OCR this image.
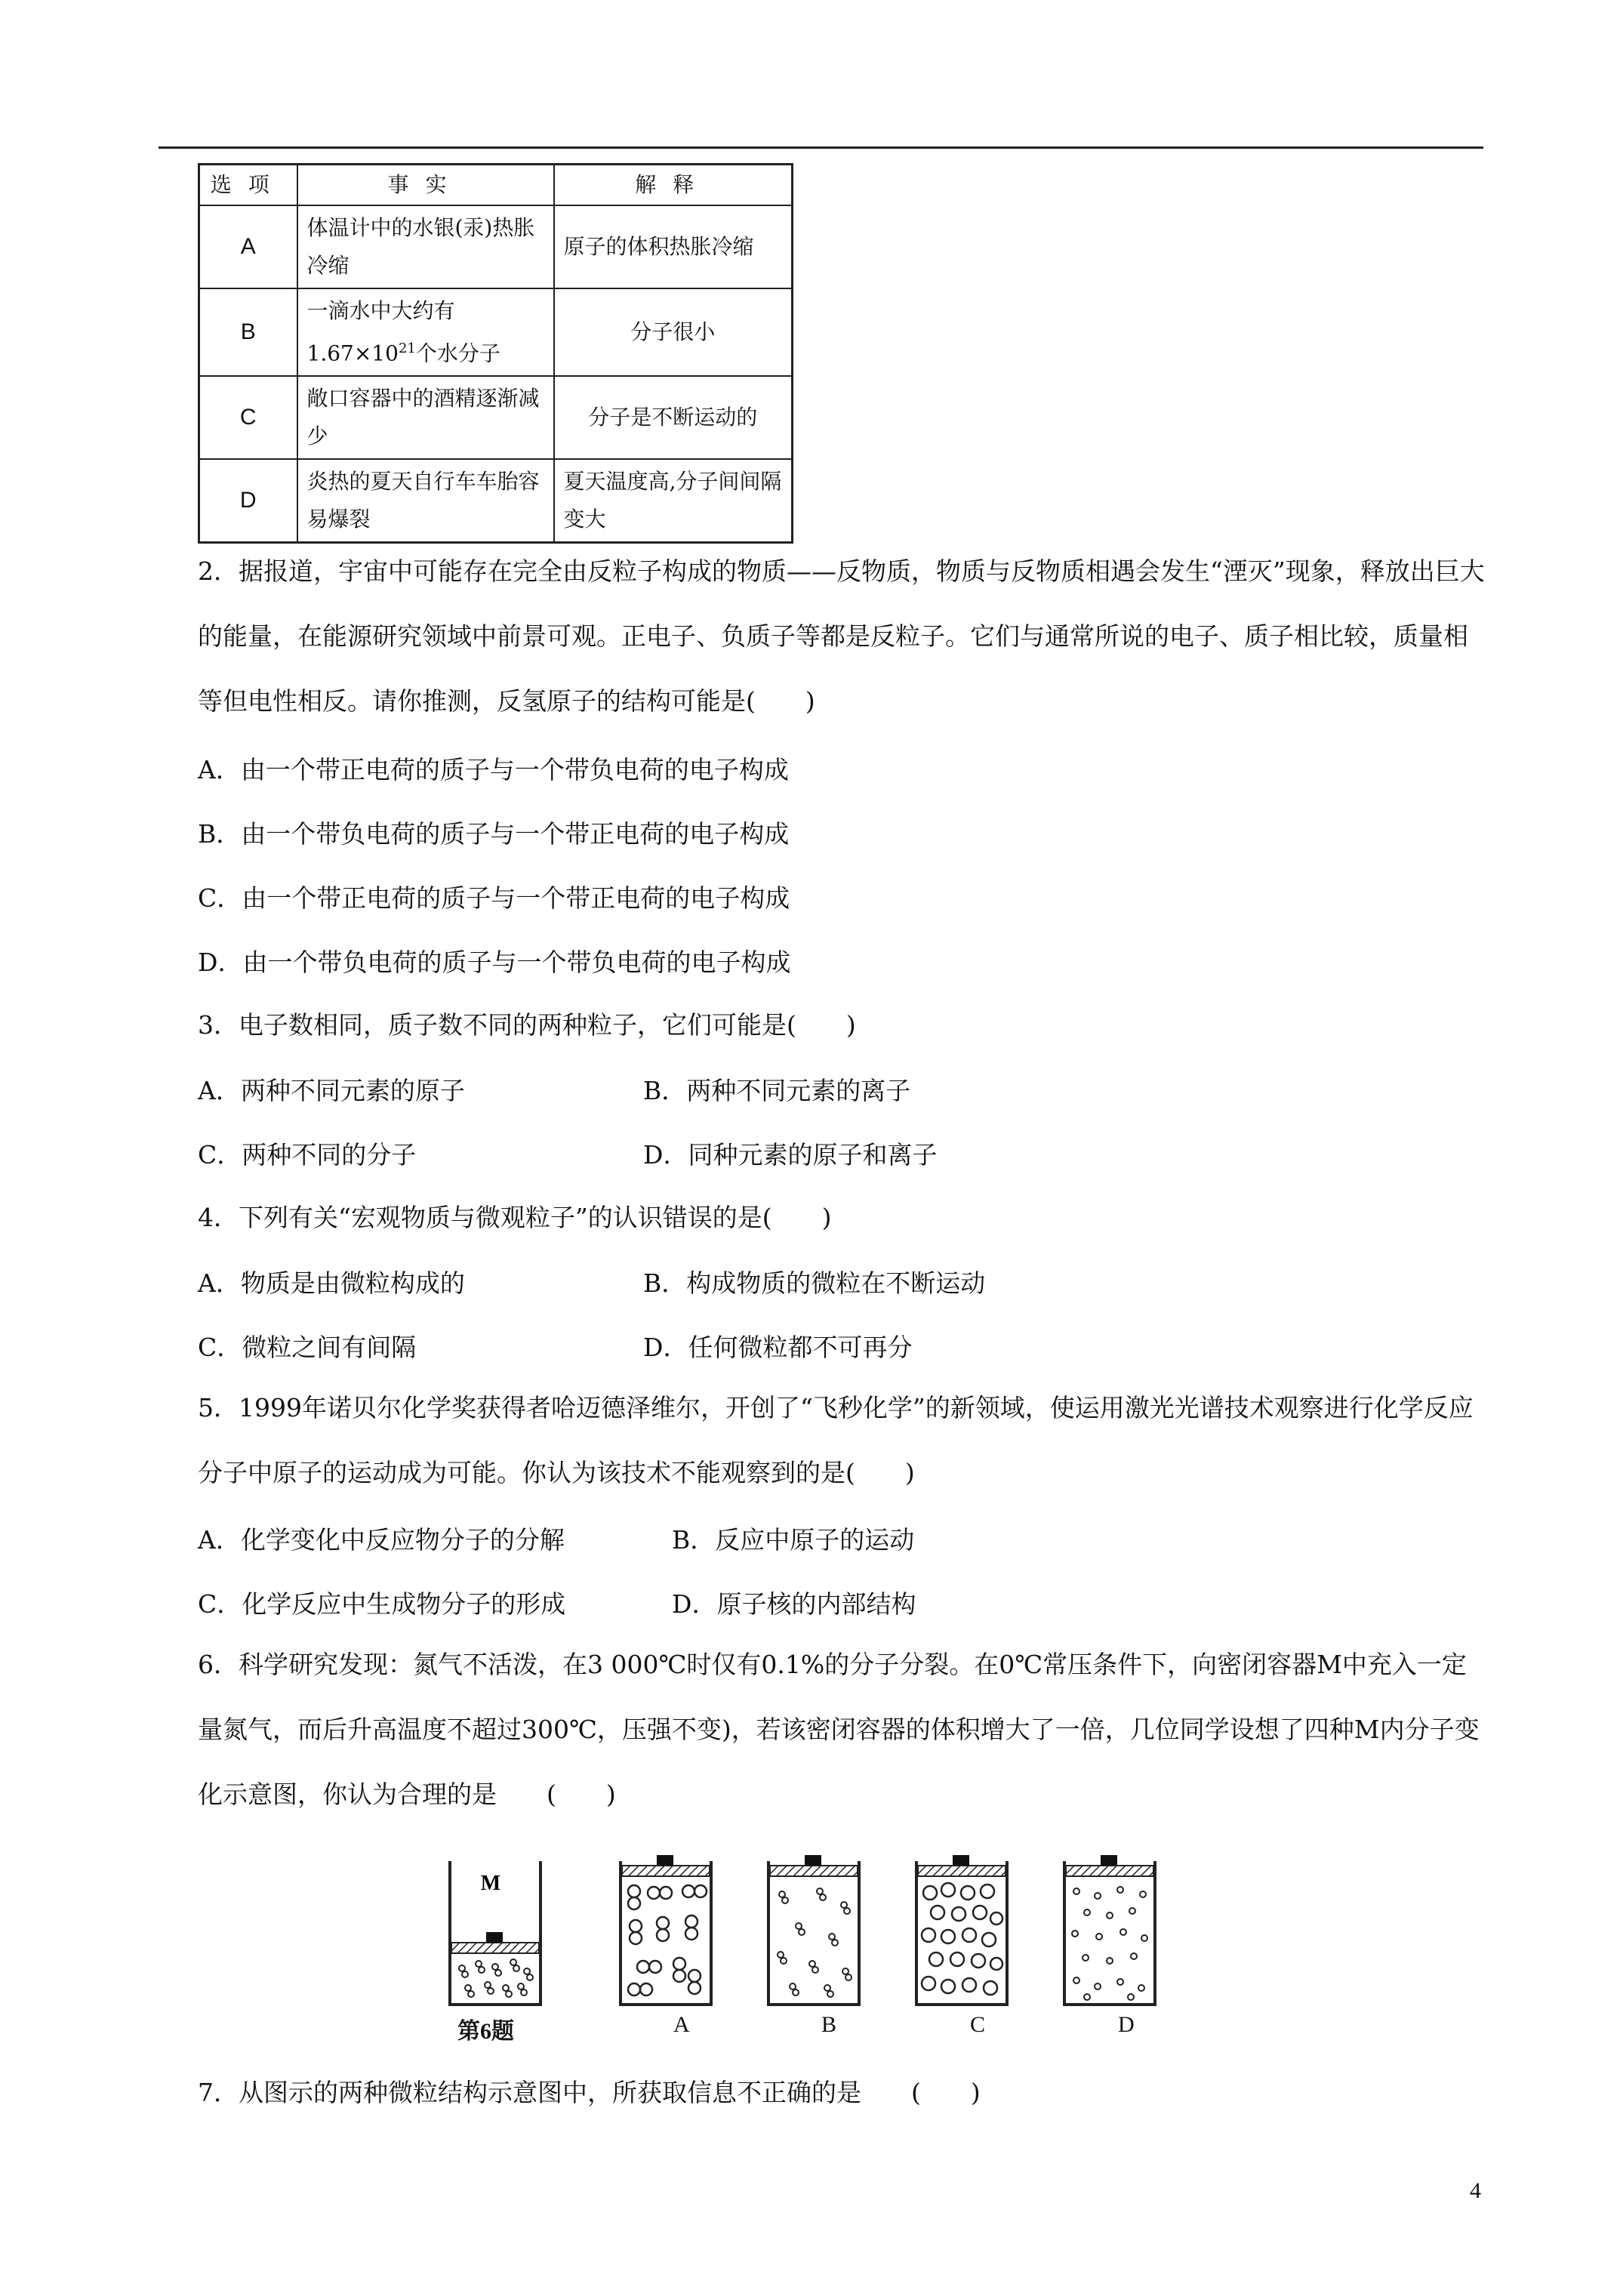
选项	事实	解释
A	体温计中的水银(汞)热胀冷缩	原子的体积热胀冷缩
B	一滴水中大约有$1.67\times 10^{21}$个水分子	分子很小
C	敞口容器中的酒精逐渐减少	分子是不断运动的
D	炎热的夏天自行车车胎容易爆裂	夏天温度高,分子间间隔变大

2．据报道，宇宙中可能存在完全由反粒子构成的物质——反物质，物质与反物质相遇会发生“湮灭”现象，释放出巨大的能量，在能源研究领域中前景可观。正电子、负质子等都是反粒子。它们与通常所说的电子、质子相比较，质量相等但电性相反。请你推测，反氢原子的结构可能是(　　)

A．由一个带正电荷的质子与一个带负电荷的电子构成
B．由一个带负电荷的质子与一个带正电荷的电子构成
C．由一个带正电荷的质子与一个带正电荷的电子构成
D．由一个带负电荷的质子与一个带负电荷的电子构成
3．电子数相同，质子数不同的两种粒子，它们可能是(　　)
A．两种不同元素的原子	B．两种不同元素的离子
C．两种不同的分子	D．同种元素的原子和离子
4．下列有关“宏观物质与微观粒子”的认识错误的是(　　)
A．物质是由微粒构成的	B．构成物质的微粒在不断运动
C．微粒之间有间隔	D．任何微粒都不可再分

5．1999年诺贝尔化学奖获得者哈迈德泽维尔，开创了“飞秒化学”的新领域，使运用激光光谱技术观察进行化学反应分子中原子的运动成为可能。你认为该技术不能观察到的是(　　)

A．化学变化中反应物分子的分解	B．反应中原子的运动
C．化学反应中生成物分子的形成	D．原子核的内部结构

6．科学研究发现：氮气不活泼，在3 000℃时仅有0.1%的分子分裂。在0℃常压条件下，向密闭容器M中充入一定量氮气，而后升高温度不超过300℃，压强不变)，若该密闭容器的体积增大了一倍，几位同学设想了四种M内分子变化示意图，你认为合理的是　　(　　)

M
第6题	A	B	C	D
7．从图示的两种微粒结构示意图中，所获取信息不正确的是　　(　　)
4
